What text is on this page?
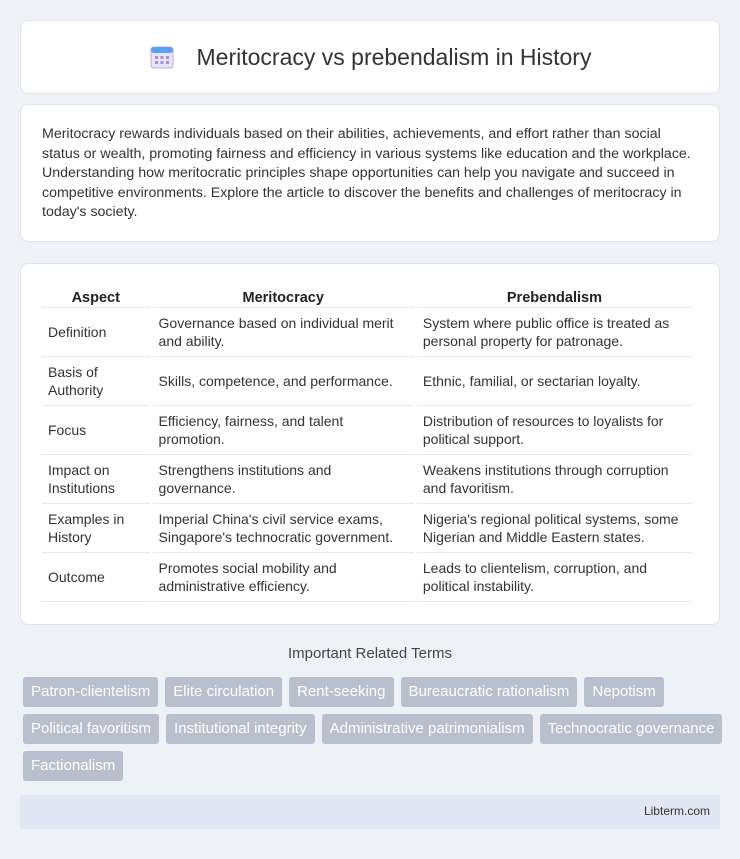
Meritocracy vs prebendalism in History

Meritocracy rewards individuals based on their abilities, achievements, and effort rather than social status or wealth, promoting fairness and efficiency in various systems like education and the workplace. Understanding how meritocratic principles shape opportunities can help you navigate and succeed in competitive environments. Explore the article to discover the benefits and challenges of meritocracy in today's society.

Aspect	Meritocracy	Prebendalism
Definition	Governance based on individual merit and ability.	System where public office is treated as personal property for patronage.
Basis of Authority	Skills, competence, and performance.	Ethnic, familial, or sectarian loyalty.
Focus	Efficiency, fairness, and talent promotion.	Distribution of resources to loyalists for political support.
Impact on Institutions	Strengthens institutions and governance.	Weakens institutions through corruption and favoritism.
Examples in History	Imperial China's civil service exams, Singapore's technocratic government.	Nigeria's regional political systems, some Nigerian and Middle Eastern states.
Outcome	Promotes social mobility and administrative efficiency.	Leads to clientelism, corruption, and political instability.
Important Related Terms
Patron-clientelism	Elite circulation	Rent-seeking	Bureaucratic rationalism	Nepotism
Political favoritism	Institutional integrity	Administrative patrimonialism	Technocratic governance
Factionalism
Libterm.com
